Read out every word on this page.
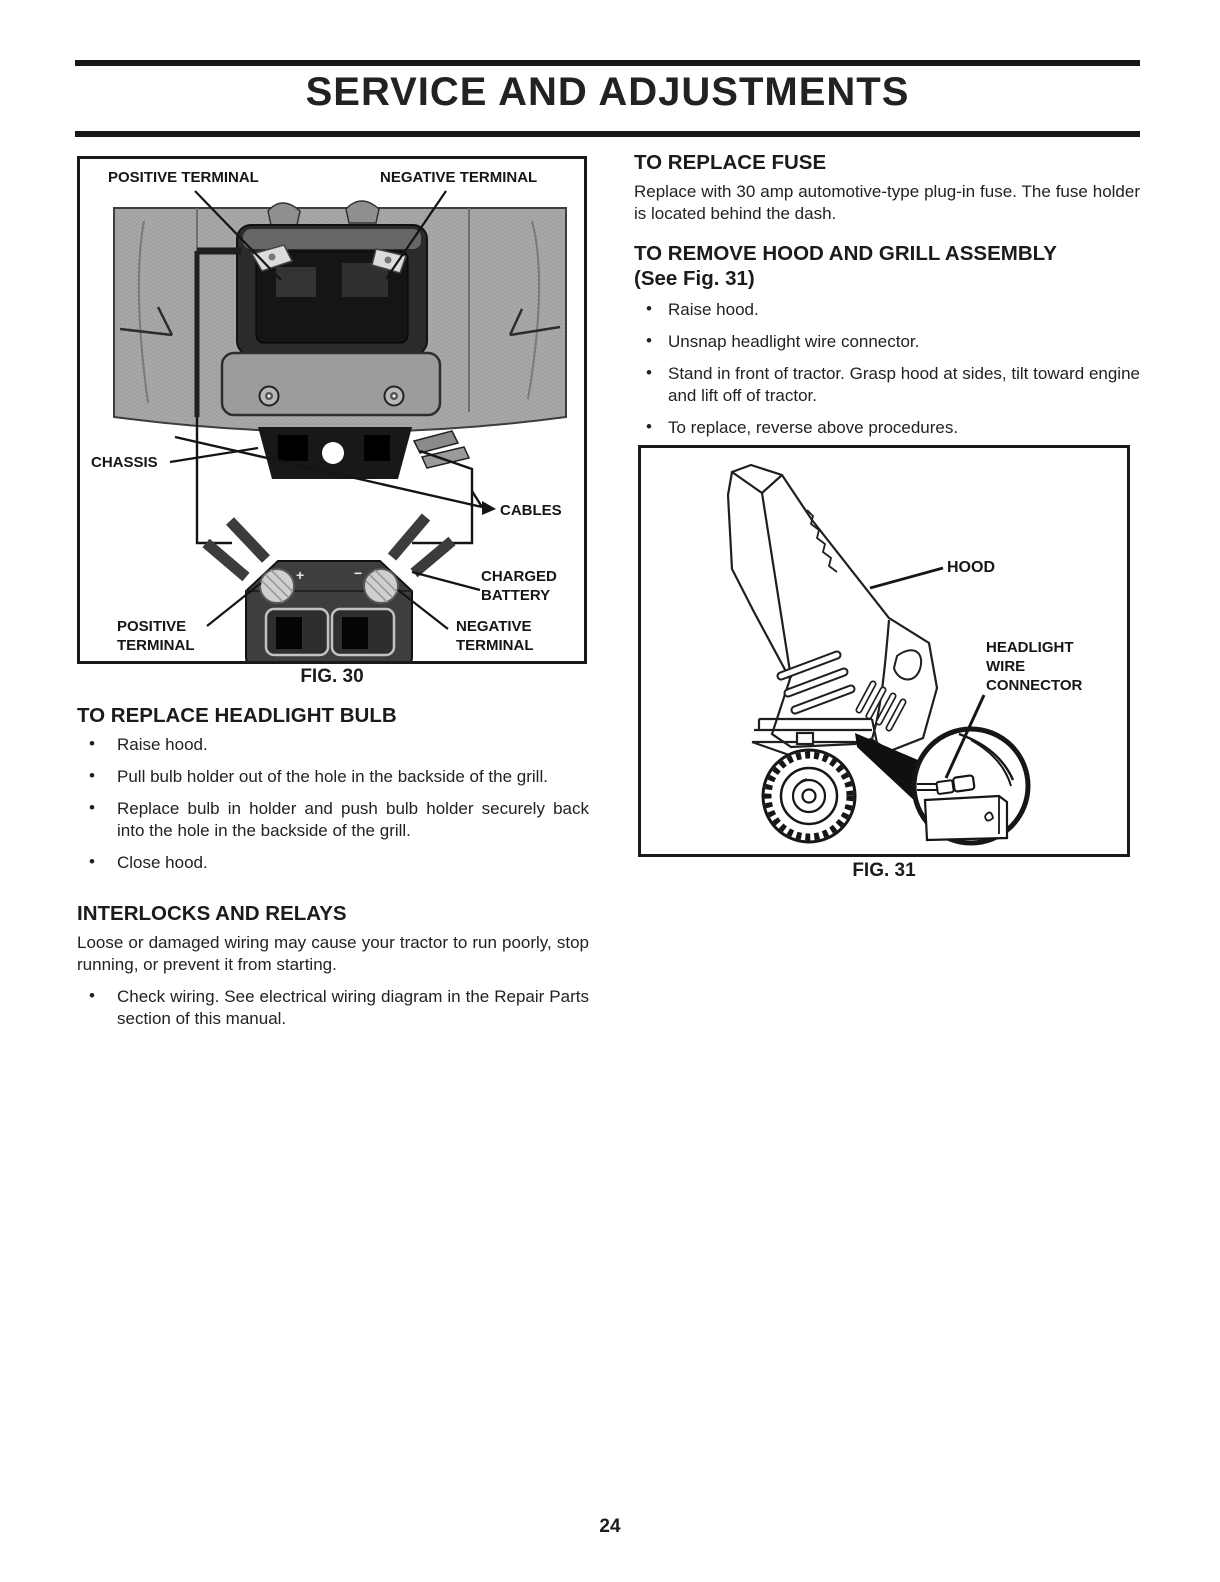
SERVICE AND ADJUSTMENTS
+	−
POSITIVE TERMINAL	NEGATIVE TERMINAL
CHASSIS
CABLES
CHARGED BATTERY
POSITIVE TERMINAL
NEGATIVE TERMINAL
FIG. 30
TO REPLACE HEADLIGHT BULB
• Raise hood.
• Pull bulb holder out of the hole in the backside of the grill.
• Replace bulb in holder and push bulb holder securely back into the hole in the backside of the grill.
• Close hood.
INTERLOCKS AND RELAYS

Loose or damaged wiring may cause your tractor to run poorly, stop running, or prevent it from starting.

• Check wiring. See electrical wiring diagram in the Repair Parts section of this manual.
TO REPLACE FUSE

Replace with 30 amp automotive-type plug-in fuse. The fuse holder is located behind the dash.

TO REMOVE HOOD AND GRILL ASSEMBLY
(See Fig. 31)
• Raise hood.
• Unsnap headlight wire connector.
• Stand in front of tractor. Grasp hood at sides, tilt toward engine and lift off of tractor.
• To replace, reverse above procedures.
HOOD
HEADLIGHT WIRE CONNECTOR
FIG. 31
24
